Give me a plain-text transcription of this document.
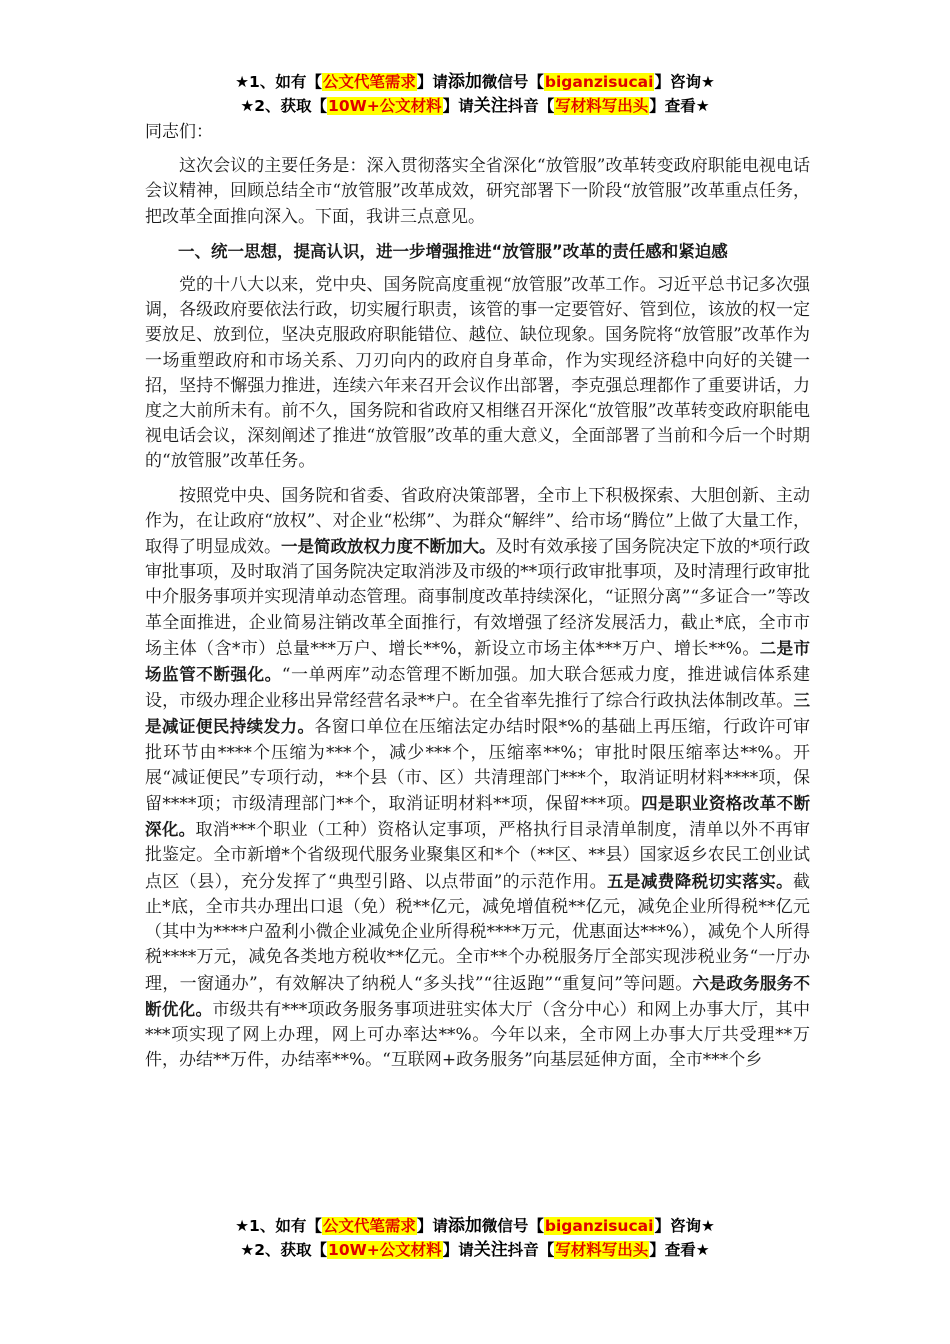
★1、如有【公文代笔需求】请添加微信号【biganzisucai】咨询★
★2、获取【10W+公文材料】请关注抖音【写材料写出头】查看★

同志们：

这次会议的主要任务是：深入贯彻落实全省深化“放管服”改革转变政府职能电视电话会议精神，回顾总结全市“放管服”改革成效，研究部署下一阶段“放管服”改革重点任务，把改革全面推向深入。下面，我讲三点意见。

一、统一思想，提高认识，进一步增强推进“放管服”改革的责任感和紧迫感

党的十八大以来，党中央、国务院高度重视“放管服”改革工作。习近平总书记多次强调，各级政府要依法行政，切实履行职责，该管的事一定要管好、管到位，该放的权一定要放足、放到位，坚决克服政府职能错位、越位、缺位现象。国务院将“放管服”改革作为一场重塑政府和市场关系、刀刃向内的政府自身革命，作为实现经济稳中向好的关键一招，坚持不懈强力推进，连续六年来召开会议作出部署，李克强总理都作了重要讲话，力度之大前所未有。前不久，国务院和省政府又相继召开深化“放管服”改革转变政府职能电视电话会议，深刻阐述了推进“放管服”改革的重大意义，全面部署了当前和今后一个时期的“放管服”改革任务。

按照党中央、国务院和省委、省政府决策部署，全市上下积极探索、大胆创新、主动作为，在让政府“放权”、对企业“松绑”、为群众“解绊”、给市场“腾位”上做了大量工作，取得了明显成效。一是简政放权力度不断加大。及时有效承接了国务院决定下放的*项行政审批事项，及时取消了国务院决定取消涉及市级的**项行政审批事项，及时清理行政审批中介服务事项并实现清单动态管理。商事制度改革持续深化，“证照分离”“多证合一”等改革全面推进，企业简易注销改革全面推行，有效增强了经济发展活力，截止*底，全市市场主体（含*市）总量***万户、增长**%，新设立市场主体***万户、增长**%。二是市场监管不断强化。“一单两库”动态管理不断加强。加大联合惩戒力度，推进诚信体系建设，市级办理企业移出异常经营名录**户。在全省率先推行了综合行政执法体制改革。三是减证便民持续发力。各窗口单位在压缩法定办结时限*%的基础上再压缩，行政许可审批环节由****个压缩为***个，减少***个，压缩率**%；审批时限压缩率达**%。开展“减证便民”专项行动，**个县（市、区）共清理部门***个，取消证明材料****项，保留****项；市级清理部门**个，取消证明材料**项，保留***项。四是职业资格改革不断深化。取消***个职业（工种）资格认定事项，严格执行目录清单制度，清单以外不再审批鉴定。全市新增*个省级现代服务业聚集区和*个（**区、**县）国家返乡农民工创业试点区（县），充分发挥了“典型引路、以点带面”的示范作用。五是减费降税切实落实。截止*底，全市共办理出口退（免）税**亿元，减免增值税**亿元，减免企业所得税**亿元（其中为****户盈利小微企业减免企业所得税****万元，优惠面达***%），减免个人所得税****万元，减免各类地方税收**亿元。全市**个办税服务厅全部实现涉税业务“一厅办理，一窗通办”，有效解决了纳税人“多头找”“往返跑”“重复问”等问题。六是政务服务不断优化。市级共有***项政务服务事项进驻实体大厅（含分中心）和网上办事大厅，其中***项实现了网上办理，网上可办率达**%。今年以来，全市网上办事大厅共受理**万件，办结**万件，办结率**%。“互联网+政务服务”向基层延伸方面，全市***个乡

★1、如有【公文代笔需求】请添加微信号【biganzisucai】咨询★
★2、获取【10W+公文材料】请关注抖音【写材料写出头】查看★
